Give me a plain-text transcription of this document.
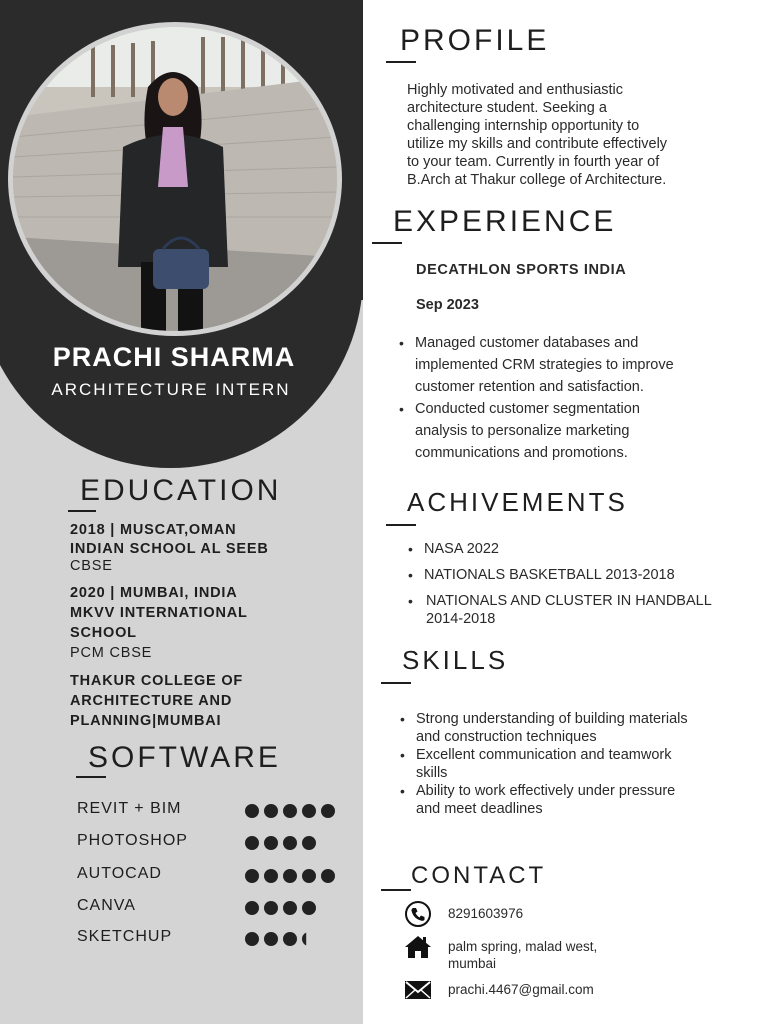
PRACHI SHARMA
ARCHITECTURE INTERN
EDUCATION
2018 | MUSCAT,OMAN
INDIAN SCHOOL AL SEEB
CBSE
2020 | MUMBAI, INDIA
MKVV INTERNATIONAL
SCHOOL
PCM CBSE
THAKUR COLLEGE OF
ARCHITECTURE AND
PLANNING|MUMBAI
SOFTWARE
REVIT + BIM
PHOTOSHOP
AUTOCAD
CANVA
SKETCHUP
PROFILE
Highly motivated and enthusiastic
architecture student. Seeking a
challenging internship opportunity to
utilize my skills and contribute effectively
to your team. Currently in fourth year of
B.Arch at Thakur college of Architecture.
EXPERIENCE
DECATHLON SPORTS INDIA
Sep 2023
• Managed customer databases and
implemented CRM strategies to improve
customer retention and satisfaction.
• Conducted customer segmentation
analysis to personalize marketing
communications and promotions.
ACHIVEMENTS
• NASA 2022
• NATIONALS BASKETBALL 2013-2018
• NATIONALS AND CLUSTER IN HANDBALL
2014-2018
SKILLS
• Strong understanding of building materials
and construction techniques
• Excellent communication and teamwork
skills
• Ability to work effectively under pressure
and meet deadlines
CONTACT
8291603976
palm spring, malad west,
mumbai
prachi.4467@gmail.com
